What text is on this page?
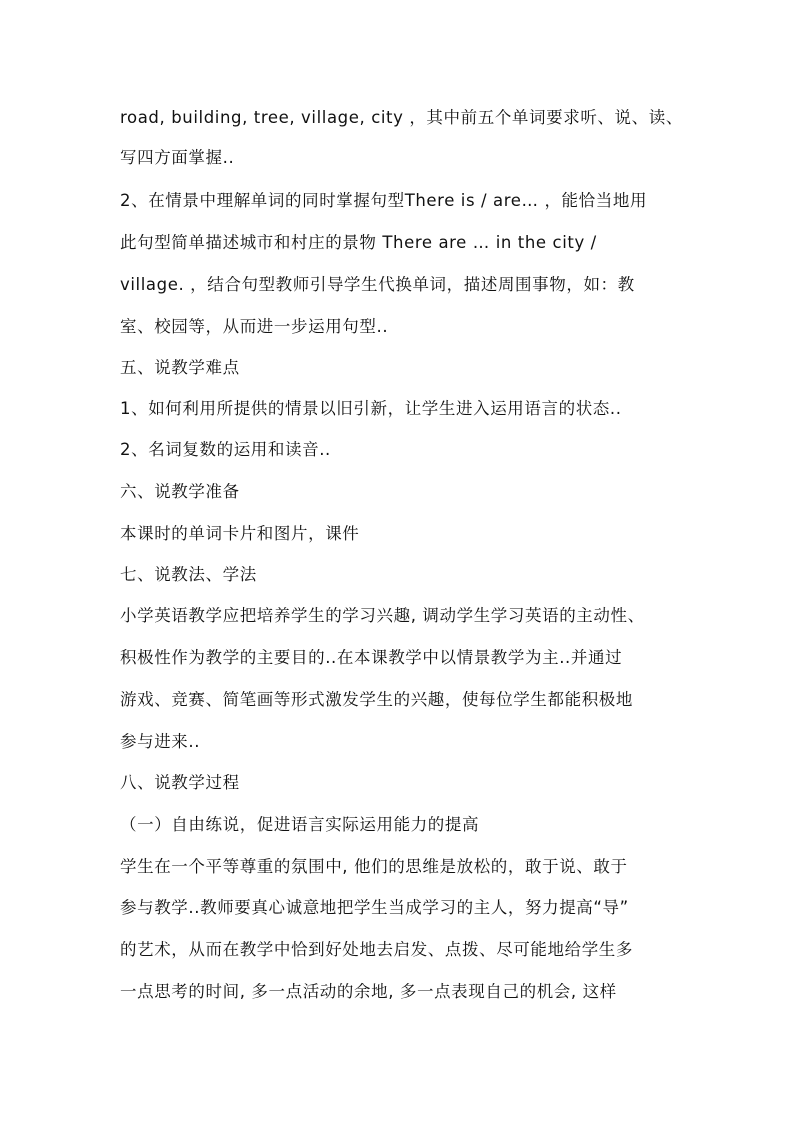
road, building, tree, village, city ，其中前五个单词要求听、说、读、
写四方面掌握..
2、在情景中理解单词的同时掌握句型There is / are… ，能恰当地用
此句型简单描述城市和村庄的景物 There are … in the city /
village. ，结合句型教师引导学生代换单词，描述周围事物，如：教
室、校园等，从而进一步运用句型..
五、说教学难点
1、如何利用所提供的情景以旧引新，让学生进入运用语言的状态..
2、名词复数的运用和读音..
六、说教学准备
本课时的单词卡片和图片，课件
七、说教法、学法
小学英语教学应把培养学生的学习兴趣, 调动学生学习英语的主动性、
积极性作为教学的主要目的..在本课教学中以情景教学为主..并通过
游戏、竞赛、简笔画等形式激发学生的兴趣，使每位学生都能积极地
参与进来..
八、说教学过程
（一）自由练说，促进语言实际运用能力的提高
学生在一个平等尊重的氛围中, 他们的思维是放松的，敢于说、敢于
参与教学..教师要真心诚意地把学生当成学习的主人，努力提高“导”
的艺术，从而在教学中恰到好处地去启发、点拨、尽可能地给学生多
一点思考的时间, 多一点活动的余地, 多一点表现自己的机会, 这样
